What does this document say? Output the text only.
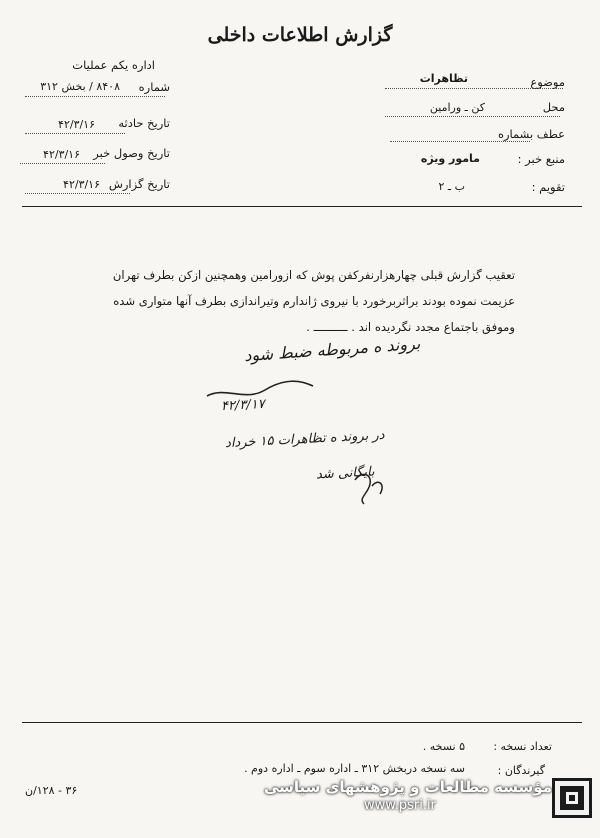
گزارش اطلاعات داخلی
اداره یکم عملیات
شماره
۸۴۰۸ / بخش ۳۱۲
تاریخ حادثه
۴۲/۳/۱۶
تاریخ وصول خبر
۴۲/۳/۱۶
تاریخ گزارش
۴۲/۳/۱۶
موضوع
تظاهرات
محل
کن ـ ورامین
عطف بشماره
منبع خبر :
مامور ویژه
تقویم :
ب ـ ۲
تعقیب گزارش قبلی چهارهزارنفرکفن پوش که ازورامین وهمچنین ازکن بطرف تهران
عزیمت نموده بودند براثربرخورد با نیروی ژاندارم وتیراندازی بطرف آنها متواری شده
وموفق باجتماع مجدد نگردیده اند . ــــــــــ .
بروند ه مربوطه ضبط شود
۴۲/۳/۱۷
در بروند ه تظاهرات ۱۵ خرداد
بایگانی شد
تعداد نسخه :
۵ نسخه .
گیرندگان :
سه نسخه دربخش ۳۱۲ ـ اداره سوم ـ اداره دوم .
۳۶ - ۱۲۸/ن	مؤسسه مطالعات و پژوهشهای سیاسی
www.psri.ir
